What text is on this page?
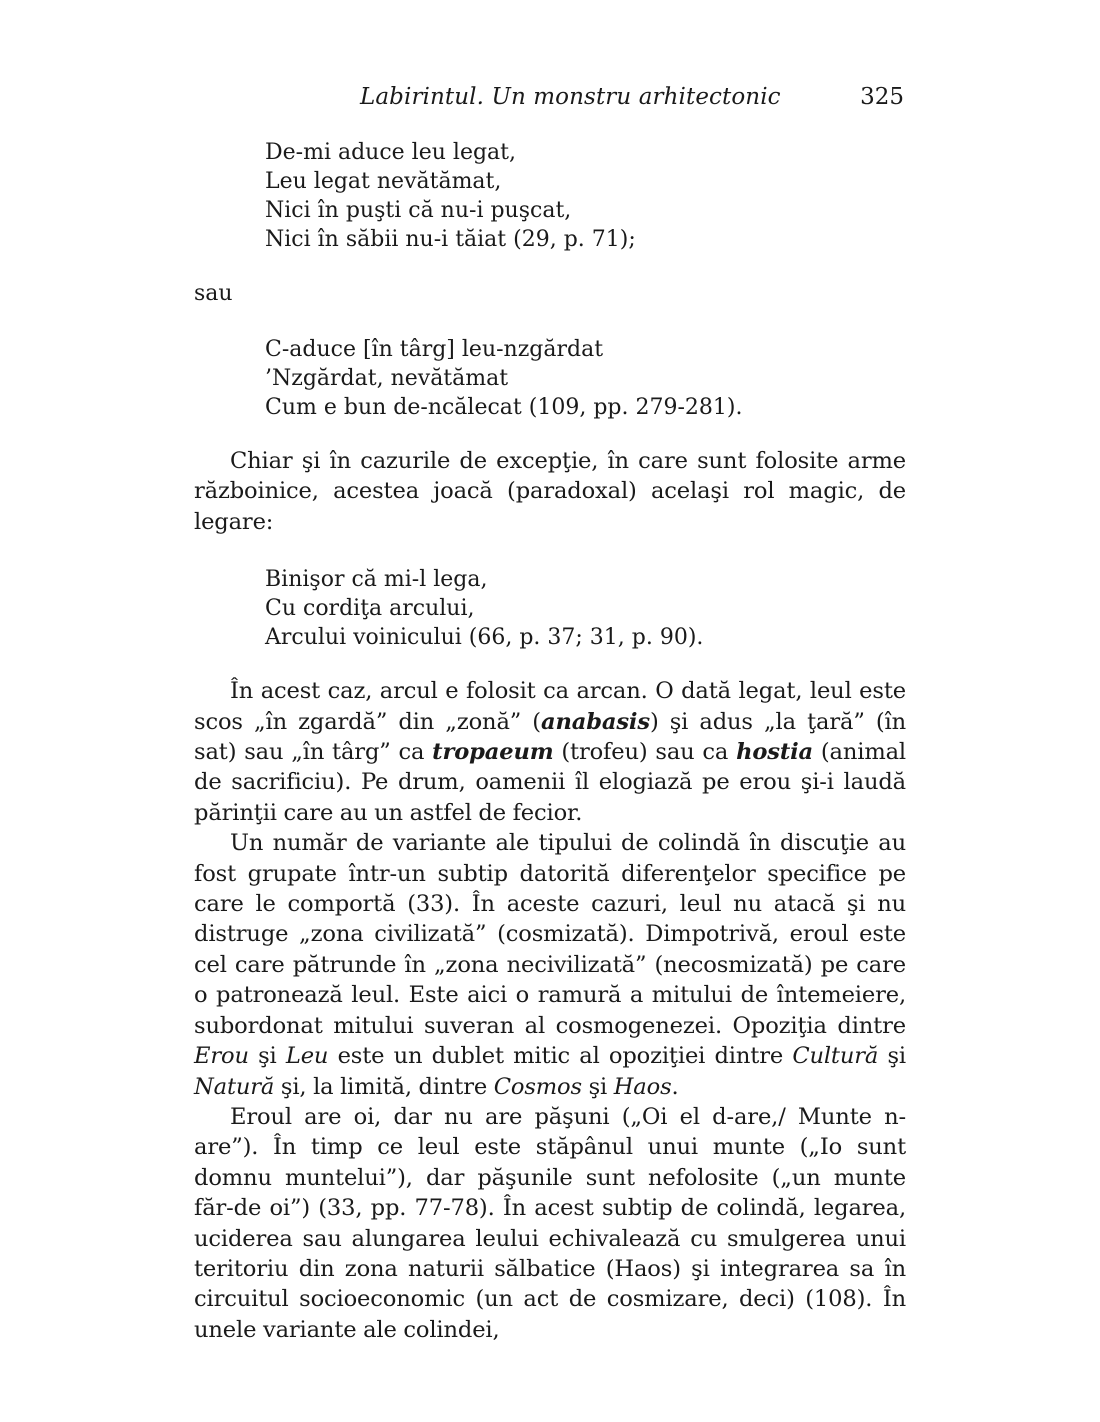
Labirintul. Un monstru arhitectonic	325
De-mi aduce leu legat,
Leu legat nevătămat,
Nici în puşti că nu-i puşcat,
Nici în săbii nu-i tăiat (29, p. 71);
sau
C-aduce [în târg] leu-nzgărdat
’Nzgărdat, nevătămat
Cum e bun de-ncălecat (109, pp. 279-281).

Chiar şi în cazurile de excepţie, în care sunt folosite arme războinice, acestea joacă (paradoxal) acelaşi rol magic, de legare:

Binişor că mi-l lega,
Cu cordiţa arcului,
Arcului voinicului (66, p. 37; 31, p. 90).

În acest caz, arcul e folosit ca arcan. O dată legat, leul este scos „în zgardă” din „zonă” (anabasis) şi adus „la ţară” (în sat) sau „în târg” ca tropaeum (trofeu) sau ca hostia (animal de sacrificiu). Pe drum, oamenii îl elogiază pe erou şi-i laudă părinţii care au un astfel de fecior.

Un număr de variante ale tipului de colindă în discuţie au fost grupate într-un subtip datorită diferenţelor specifice pe care le comportă (33). În aceste cazuri, leul nu atacă şi nu distruge „zona civilizată” (cosmizată). Dimpotrivă, eroul este cel care pătrunde în „zona necivilizată” (necosmizată) pe care o patronează leul. Este aici o ramură a mitului de întemeiere, subordonat mitului suveran al cosmogenezei. Opoziţia dintre Erou şi Leu este un dublet mitic al opoziţiei dintre Cultură şi Natură şi, la limită, dintre Cosmos şi Haos.

Eroul are oi, dar nu are păşuni („Oi el d-are,/ Munte n-are”). În timp ce leul este stăpânul unui munte („Io sunt domnu muntelui”), dar păşunile sunt nefolosite („un munte făr-de oi”) (33, pp. 77-78). În acest subtip de colindă, legarea, uciderea sau alungarea leului echivalează cu smulgerea unui teritoriu din zona naturii sălbatice (Haos) şi integrarea sa în circuitul socioeconomic (un act de cosmizare, deci) (108). În unele variante ale colindei,
